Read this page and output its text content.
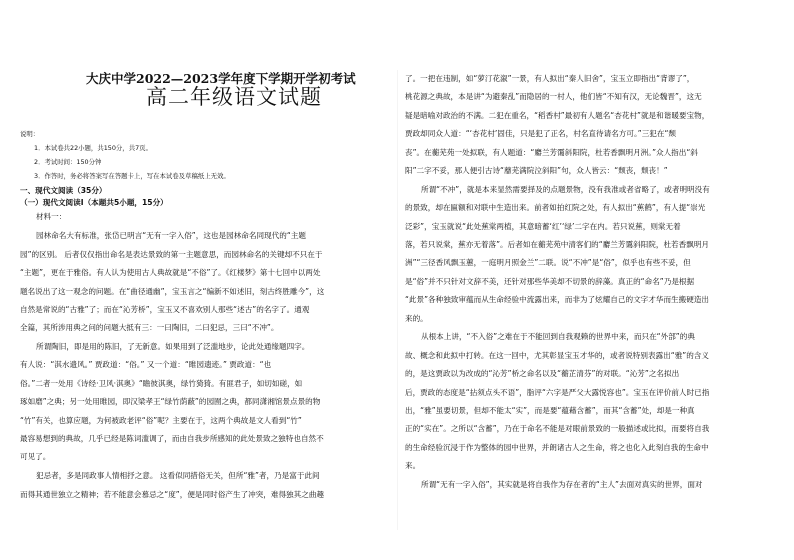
大庆中学2022—2023学年度下学期开学初考试
高二年级语文试题
说明：
1．本试卷共22小题，共150分，共7页。
2．考试时间：150分钟
3．作答时，务必将答案写在答题卡上，写在本试卷及草稿纸上无效。
一、现代文阅读（35分）
（一）现代文阅读Ⅰ（本题共5小题，15分）
材料一：
园林命名大有标准，张岱已明言“无有一字入俗”，这也是园林命名同现代的“主题
园”的区别。 后者仅仅指出命名是表达景致的第一主题意思，而园林命名的关键却不只在于
“主题”，更在于雅俗。有人认为使用古人典故就是“不俗”了。《红楼梦》第十七回中以两处
题名说出了这一观念的问题。在“曲径通幽”，宝玉言之“编新不如述旧，刻古终胜雕今”，这
自然是常说的“古雅”了；而在“沁芳桥”，宝玉又不喜欢别人那些“述古”的名字了。通观
全篇，其所涉用典之问的问题大抵有三：一曰陶旧，二曰犯忌，三曰“不冲”。
所谓陶旧，即是用的陈旧，了无新意。如果用到了泛滥地步，论此处通缘题四字。
有人说：“淇水遗风。” 贾政道：“俗。” 又一个道：“睢园遗迹。” 贾政道：“也
俗。”二者一处用《诗经·卫风·淇奥》“瞻彼淇奥，绿竹猗猗。有匪君子，如切如磋，如
琢如磨”之典；另一处用睢园，即汉梁孝王“绿竹荫蔽”的园囿之典，都同潇湘馆景点景的物
“竹”有关，也算应题，为何被政老评“俗”呢？主要在于，这两个典故是文人看到“竹”
最容易想到的典故，几乎已经是陈词滥调了，而由自我步所感知的此处景致之独特也自然不
可见了。
犯忌者，多是同政事人情相抒之意。 这看似同措俗无关，但所“雅”者，乃是富于此间
而得其通世独立之精神；若不能意会慕忌之“度”，便是同时俗产生了冲突，难得独其之曲趣
了。一把在违制，如“萝汀花溆”一景，有人拟出“秦人旧舍”，宝玉立即指出“背谬了”，
桃花源之典故，本是讲“为避秦乱”而隐居的一村人，他们皆“不知有汉，无论魏晋”，这无
疑是暗喻对政治的不满。二犯在重名，“稻香村”最初有人题名“杏花村”就是和谐暖要宝物，
贾政却同众人道：“‘杏花村’固佳，只是犯了正名，村名直待请名方可。”三犯在“颓
丧”。在蘅芜苑一处拟联，有人题道：“麝兰芳霭斜阳院，杜若香飘明月洲。”众人指出“斜
阳”二字不妥，那人便引古诗“蘼芜满院泣斜阳”句，众人皆云：“颓丧，颓丧！”
所谓“不冲”，就是本来显然需要择及的点题景物，没有我准或者省略了，或者明明没有
的景致，却在匾额和对联中生造出来。前者如拍红院之处，有人拟出“蕉鹤”，有人提“崇光
泛彩”，宝玉就说“此处蕉棠两植，其意暗蓄‘红’‘绿’二字在内。若只说蕉，则棠无着
落，若只说棠，蕉亦无着落”。后者如在蘅芜苑中清客们的“麝兰芳霭斜阳院，杜若香飘明月
洲”“三径香风飘玉蕙，一庭明月照金兰”二联。说“不冲”是“俗”，似乎也有些不妥，但
是“俗”并不只针对文辞不美，还针对那些华美却不切景的辞藻。真正的“命名”乃是根据
“此景”各种独致审蕴而从生命经验中流露出来，而非为了炫耀自己的文字才华而生搬硬造出
来的。
从根本上讲，“不入俗”之难在于不能回到自我观赖的世界中来，而只在“外部”的典
故、概念和此拟中打转。在这一回中，尤其彰显宝玉才华的，或者说特别表露出“雅”的含义
的，是这贾政以为改成的“沁芳”桥之命名以及“蘅芷清芬”的对联。“沁芳”之名拟出
后，贾政的态度是“拈须点头不语”，脂评“六字是严父大露悦容也”。宝玉在评价前人时已指
出，“雅”虽要切景，但却不能太“实”，而是要“蕴藉含蓄”，而其“含蓄”处，却是一种真
正的“实在”。之所以“含蓄”，乃在于命名不能是对眼前景致的一般描述或比拟，而要将自我
的生命经验沉浸于作为整体的园中世界，并朗诸古人之生命，将之也化入此刻自我的生命中
来。
所谓“无有一字入俗”，其实就是将自我作为存在者的“主人”去面对真实的世界，面对
